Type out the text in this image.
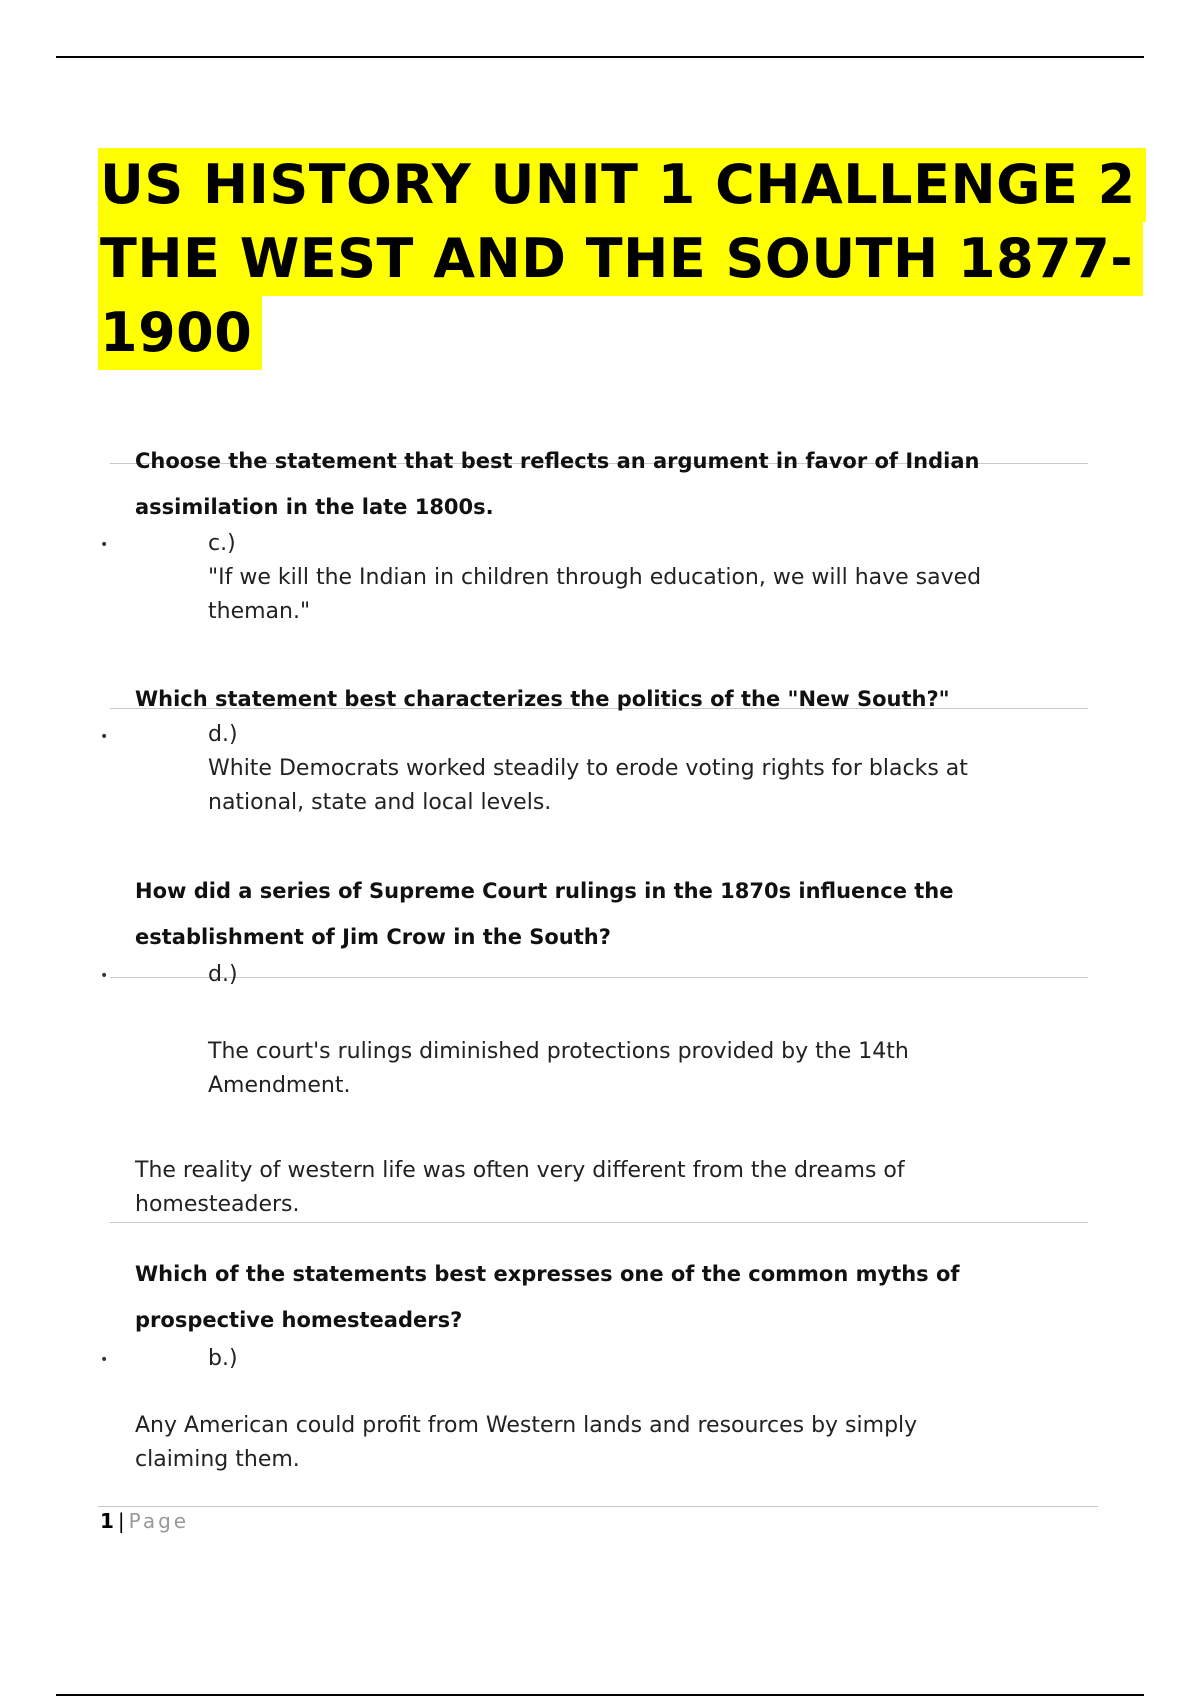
US HISTORY UNIT 1 CHALLENGE 2
THE WEST AND THE SOUTH 1877-
1900
Choose the statement that best reflects an argument in favor of Indian
assimilation in the late 1800s.
•	c.)
"If we kill the Indian in children through education, we will have saved
theman."
Which statement best characterizes the politics of the "New South?"
•	d.)
White Democrats worked steadily to erode voting rights for blacks at
national, state and local levels.
How did a series of Supreme Court rulings in the 1870s influence the
establishment of Jim Crow in the South?
•	d.)
The court's rulings diminished protections provided by the 14th
Amendment.
The reality of western life was often very different from the dreams of
homesteaders.
Which of the statements best expresses one of the common myths of
prospective homesteaders?
•	b.)
Any American could profit from Western lands and resources by simply
claiming them.
1 | Page
